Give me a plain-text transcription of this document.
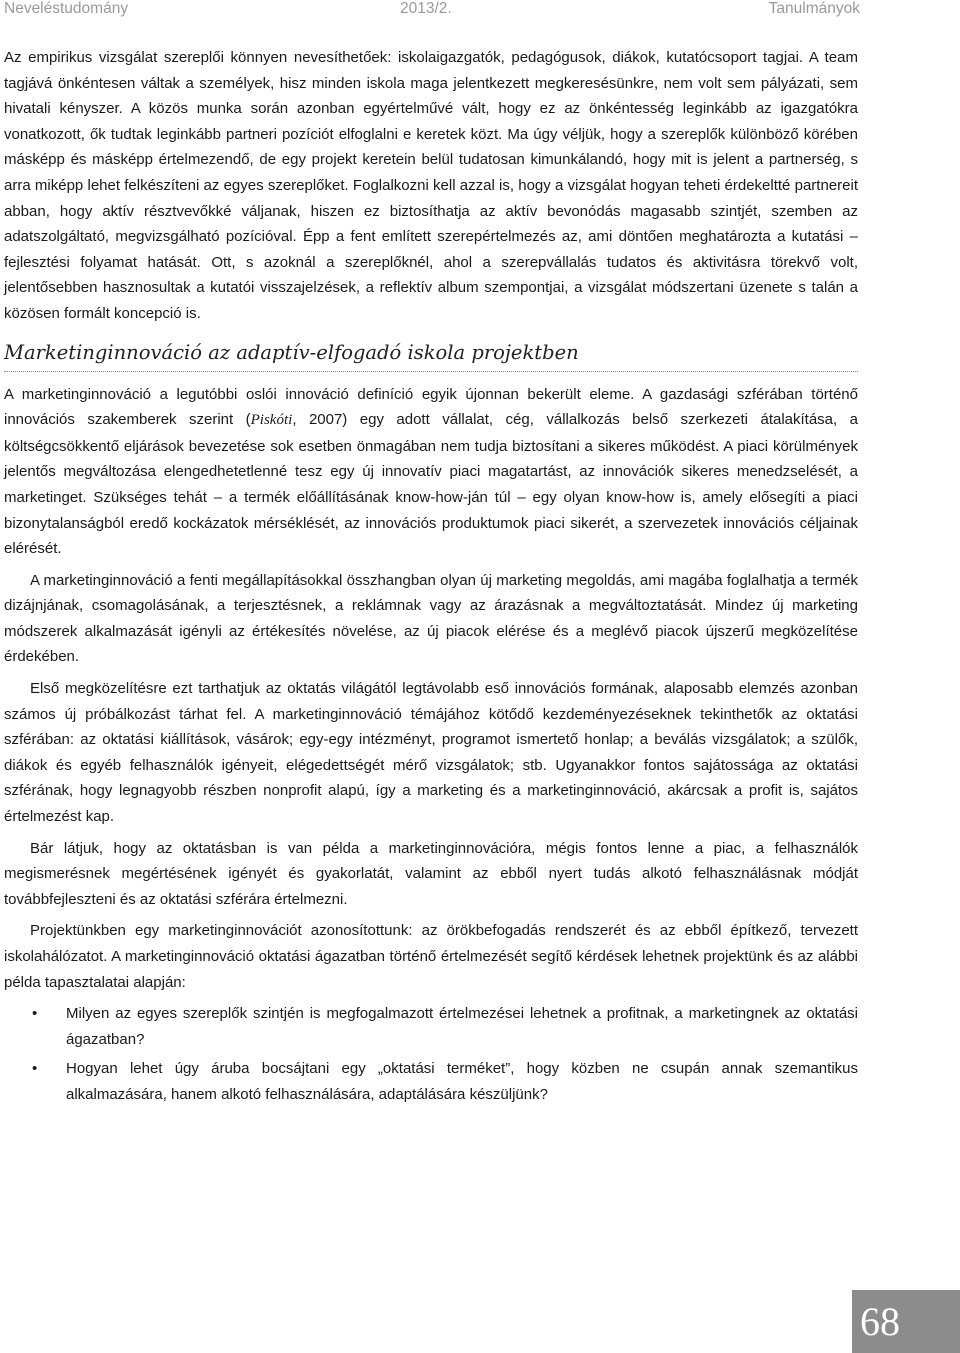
Neveléstudomány	2013/2.	Tanulmányok

Az empirikus vizsgálat szereplői könnyen nevesíthetőek: iskolaigazgatók, pedagógusok, diákok, kutatócsoport tagjai. A team tagjává önkéntesen váltak a személyek, hisz minden iskola maga jelentkezett megkeresésünkre, nem volt sem pályázati, sem hivatali kényszer. A közös munka során azonban egyértelművé vált, hogy ez az önkéntesség leginkább az igazgatókra vonatkozott, ők tudtak leginkább partneri pozíciót elfoglalni e keretek közt. Ma úgy véljük, hogy a szereplők különböző körében másképp és másképp értelmezendő, de egy projekt keretein belül tudatosan kimunkálandó, hogy mit is jelent a partnerség, s arra miképp lehet felkészíteni az egyes szereplőket. Foglalkozni kell azzal is, hogy a vizsgálat hogyan teheti érdekeltté partnereit abban, hogy aktív résztvevőkké váljanak, hiszen ez biztosíthatja az aktív bevonódás magasabb szintjét, szemben az adatszolgáltató, megvizsgálható pozícióval. Épp a fent említett szerepértelmezés az, ami döntően meghatározta a kutatási – fejlesztési folyamat hatását. Ott, s azoknál a szereplőknél, ahol a szerepvállalás tudatos és aktivitásra törekvő volt, jelentősebben hasznosultak a kutatói visszajelzések, a reflektív album szempontjai, a vizsgálat módszertani üzenete s talán a közösen formált koncepció is.

Marketinginnováció az adaptív-elfogadó iskola projektben

A marketinginnováció a legutóbbi oslói innováció definíció egyik újonnan bekerült eleme. A gazdasági szférában történő innovációs szakemberek szerint (Piskóti, 2007) egy adott vállalat, cég, vállalkozás belső szerkezeti átalakítása, a költségcsökkentő eljárások bevezetése sok esetben önmagában nem tudja biztosítani a sikeres működést. A piaci körülmények jelentős megváltozása elengedhetetlenné tesz egy új innovatív piaci magatartást, az innovációk sikeres menedzselését, a marketinget. Szükséges tehát – a termék előállításának know-how-ján túl – egy olyan know-how is, amely elősegíti a piaci bizonytalanságból eredő kockázatok mérséklését, az innovációs produktumok piaci sikerét, a szervezetek innovációs céljainak elérését.

A marketinginnováció a fenti megállapításokkal összhangban olyan új marketing megoldás, ami magába foglalhatja a termék dizájnjának, csomagolásának, a terjesztésnek, a reklámnak vagy az árazásnak a megváltoztatását. Mindez új marketing módszerek alkalmazását igényli az értékesítés növelése, az új piacok elérése és a meglévő piacok újszerű megközelítése érdekében.

Első megközelítésre ezt tarthatjuk az oktatás világától legtávolabb eső innovációs formának, alaposabb elemzés azonban számos új próbálkozást tárhat fel. A marketinginnováció témájához kötődő kezdeményezéseknek tekinthetők az oktatási szférában: az oktatási kiállítások, vásárok; egy-egy intézményt, programot ismertető honlap; a beválás vizsgálatok; a szülők, diákok és egyéb felhasználók igényeit, elégedettségét mérő vizsgálatok; stb. Ugyanakkor fontos sajátossága az oktatási szférának, hogy legnagyobb részben nonprofit alapú, így a marketing és a marketinginnováció, akárcsak a profit is, sajátos értelmezést kap.

Bár látjuk, hogy az oktatásban is van példa a marketinginnovációra, mégis fontos lenne a piac, a felhasználók megismerésnek megértésének igényét és gyakorlatát, valamint az ebből nyert tudás alkotó felhasználásnak módját továbbfejleszteni és az oktatási szférára értelmezni.

Projektünkben egy marketinginnovációt azonosítottunk: az örökbefogadás rendszerét és az ebből építkező, tervezett iskolahálózatot. A marketinginnováció oktatási ágazatban történő értelmezését segítő kérdések lehetnek projektünk és az alábbi példa tapasztalatai alapján:

• Milyen az egyes szereplők szintjén is megfogalmazott értelmezései lehetnek a profitnak, a marketingnek az oktatási ágazatban?
• Hogyan lehet úgy áruba bocsájtani egy „oktatási terméket”, hogy közben ne csupán annak szemantikus alkalmazására, hanem alkotó felhasználására, adaptálására készüljünk?
68
